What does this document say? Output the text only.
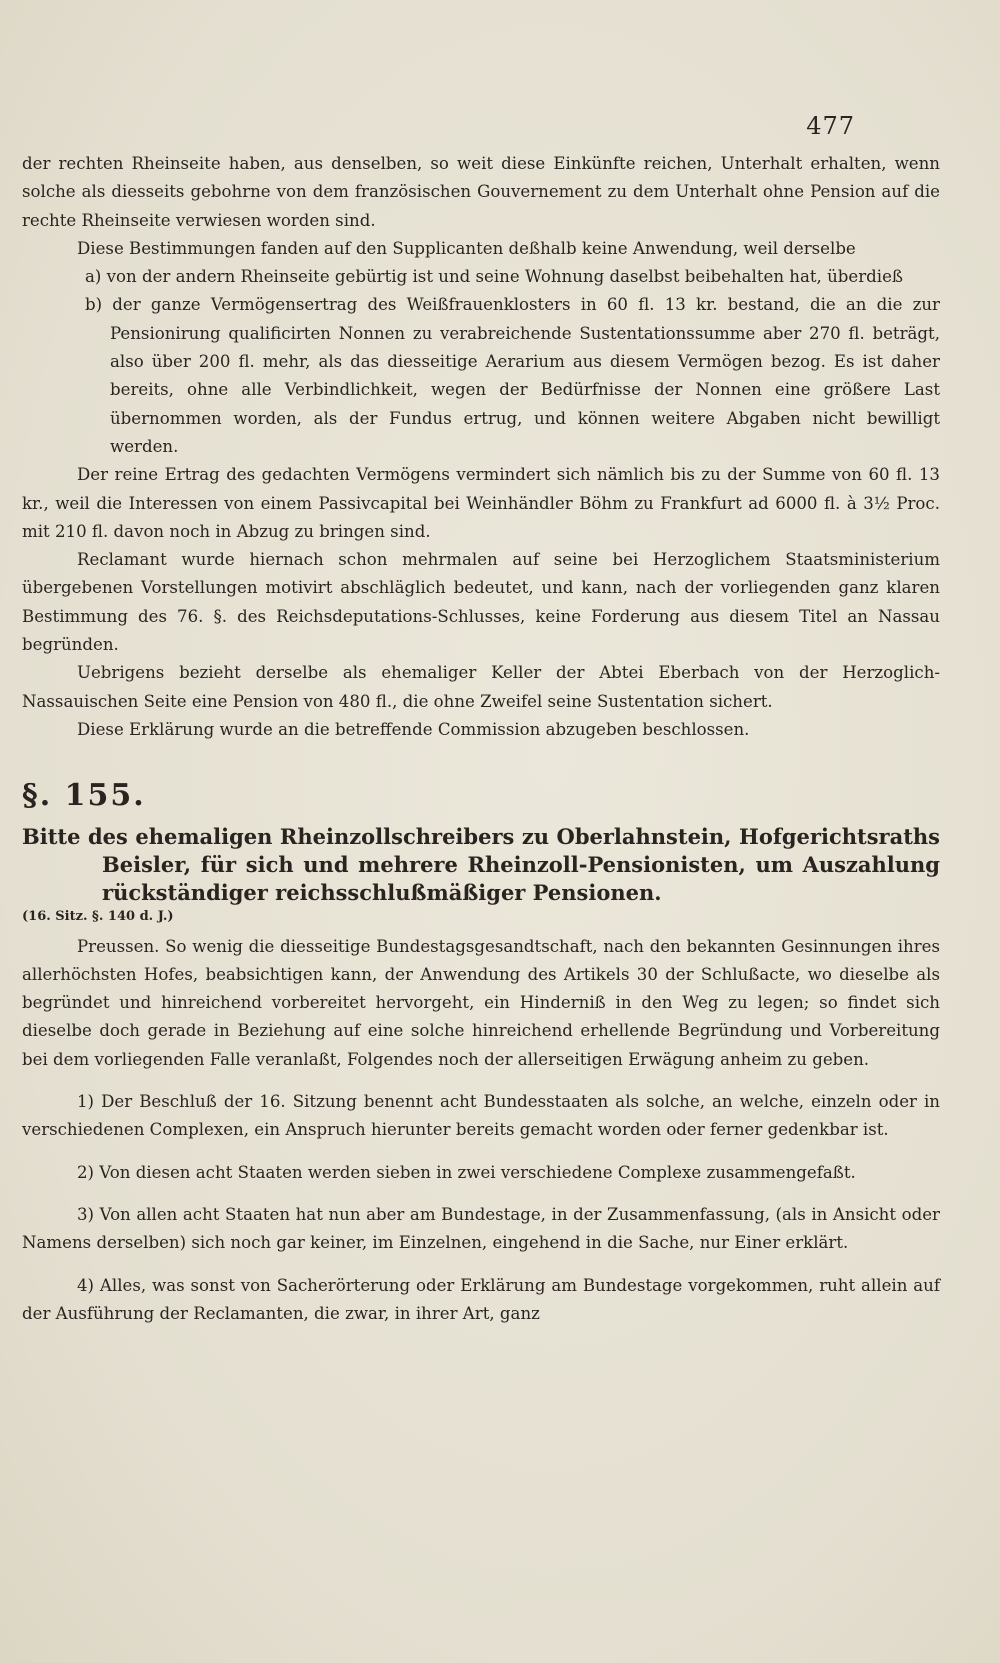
477

der rechten Rheinseite haben, aus denselben, so weit diese Einkünfte reichen, Unterhalt erhalten, wenn solche als diesseits gebohrne von dem französischen Gouvernement zu dem Unterhalt ohne Pension auf die rechte Rheinseite verwiesen worden sind.

Diese Bestimmungen fanden auf den Supplicanten deßhalb keine Anwendung, weil derselbe

a) von der andern Rheinseite gebürtig ist und seine Wohnung daselbst beibehalten hat, überdieß

b) der ganze Vermögensertrag des Weißfrauenklosters in 60 fl. 13 kr. bestand, die an die zur Pensionirung qualificirten Nonnen zu verabreichende Sustentationssumme aber 270 fl. beträgt, also über 200 fl. mehr, als das diesseitige Aerarium aus diesem Vermögen bezog. Es ist daher bereits, ohne alle Verbindlichkeit, wegen der Bedürfnisse der Nonnen eine größere Last übernommen worden, als der Fundus ertrug, und können weitere Abgaben nicht bewilligt werden.

Der reine Ertrag des gedachten Vermögens vermindert sich nämlich bis zu der Summe von 60 fl. 13 kr., weil die Interessen von einem Passivcapital bei Weinhändler Böhm zu Frankfurt ad 6000 fl. à 3½ Proc. mit 210 fl. davon noch in Abzug zu bringen sind.

Reclamant wurde hiernach schon mehrmalen auf seine bei Herzoglichem Staatsministerium übergebenen Vorstellungen motivirt abschläglich bedeutet, und kann, nach der vorliegenden ganz klaren Bestimmung des 76. §. des Reichsdeputations-Schlusses, keine Forderung aus diesem Titel an Nassau begründen.

Uebrigens bezieht derselbe als ehemaliger Keller der Abtei Eberbach von der Herzoglich-Nassauischen Seite eine Pension von 480 fl., die ohne Zweifel seine Sustentation sichert.

Diese Erklärung wurde an die betreffende Commission abzugeben beschlossen.

§. 155.

Bitte des ehemaligen Rheinzollschreibers zu Oberlahnstein, Hofgerichtsraths Beisler, für sich und mehrere Rheinzoll-Pensionisten, um Auszahlung rückständiger reichsschlußmäßiger Pensionen.

(16. Sitz. §. 140 d. J.)

Preussen. So wenig die diesseitige Bundestagsgesandtschaft, nach den bekannten Gesinnungen ihres allerhöchsten Hofes, beabsichtigen kann, der Anwendung des Artikels 30 der Schlußacte, wo dieselbe als begründet und hinreichend vorbereitet hervorgeht, ein Hinderniß in den Weg zu legen; so findet sich dieselbe doch gerade in Beziehung auf eine solche hinreichend erhellende Begründung und Vorbereitung bei dem vorliegenden Falle veranlaßt, Folgendes noch der allerseitigen Erwägung anheim zu geben.

1) Der Beschluß der 16. Sitzung benennt acht Bundesstaaten als solche, an welche, einzeln oder in verschiedenen Complexen, ein Anspruch hierunter bereits gemacht worden oder ferner gedenkbar ist.

2) Von diesen acht Staaten werden sieben in zwei verschiedene Complexe zusammengefaßt.

3) Von allen acht Staaten hat nun aber am Bundestage, in der Zusammenfassung, (als in Ansicht oder Namens derselben) sich noch gar keiner, im Einzelnen, eingehend in die Sache, nur Einer erklärt.

4) Alles, was sonst von Sacherörterung oder Erklärung am Bundestage vorgekommen, ruht allein auf der Ausführung der Reclamanten, die zwar, in ihrer Art, ganz
